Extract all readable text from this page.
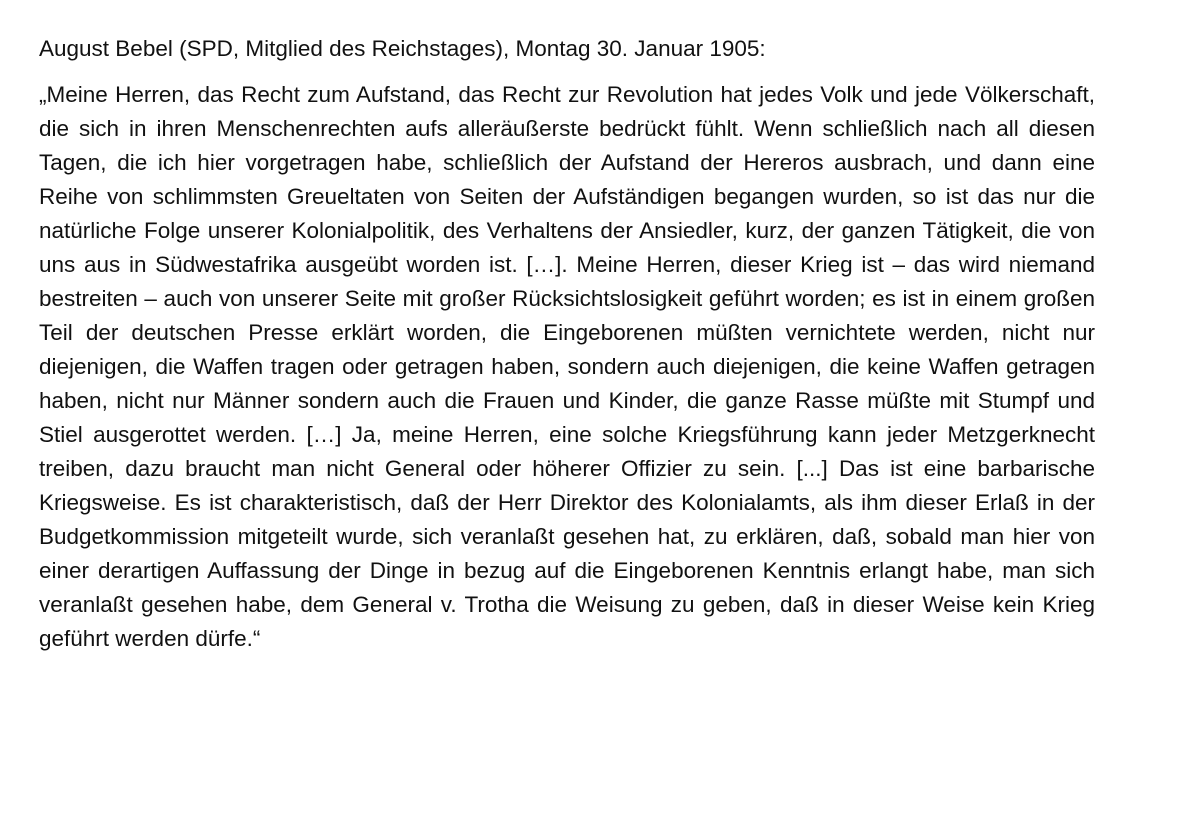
August Bebel (SPD, Mitglied des Reichstages), Montag 30. Januar 1905:

„Meine Herren, das Recht zum Aufstand, das Recht zur Revolution hat jedes Volk und jede Völkerschaft, die sich in ihren Menschenrechten aufs alleräußerste bedrückt fühlt. Wenn schließlich nach all diesen Tagen, die ich hier vorgetragen habe, schließlich der Aufstand der Hereros ausbrach, und dann eine Reihe von schlimmsten Greueltaten von Seiten der Aufständigen begangen wurden, so ist das nur die natürliche Folge unserer Kolonialpolitik, des Verhaltens der Ansiedler, kurz, der ganzen Tätigkeit, die von uns aus in Südwestafrika ausgeübt worden ist. […]. Meine Herren, dieser Krieg ist – das wird niemand bestreiten – auch von unserer Seite mit großer Rücksichtslosigkeit geführt worden; es ist in einem großen Teil der deutschen Presse erklärt worden, die Eingeborenen müßten vernichtete werden, nicht nur diejenigen, die Waffen tragen oder getragen haben, sondern auch diejenigen, die keine Waffen getragen haben, nicht nur Männer sondern auch die Frauen und Kinder, die ganze Rasse müßte mit Stumpf und Stiel ausgerottet werden. […] Ja, meine Herren, eine solche Kriegsführung kann jeder Metzgerknecht treiben, dazu braucht man nicht General oder höherer Offizier zu sein. [...] Das ist eine barbarische Kriegsweise. Es ist charakteristisch, daß der Herr Direktor des Kolonialamts, als ihm dieser Erlaß in der Budgetkommission mitgeteilt wurde, sich veranlaßt gesehen hat, zu erklären, daß, sobald man hier von einer derartigen Auffassung der Dinge in bezug auf die Eingeborenen Kenntnis erlangt habe, man sich veranlaßt gesehen habe, dem General v. Trotha die Weisung zu geben, daß in dieser Weise kein Krieg geführt werden dürfe.“
